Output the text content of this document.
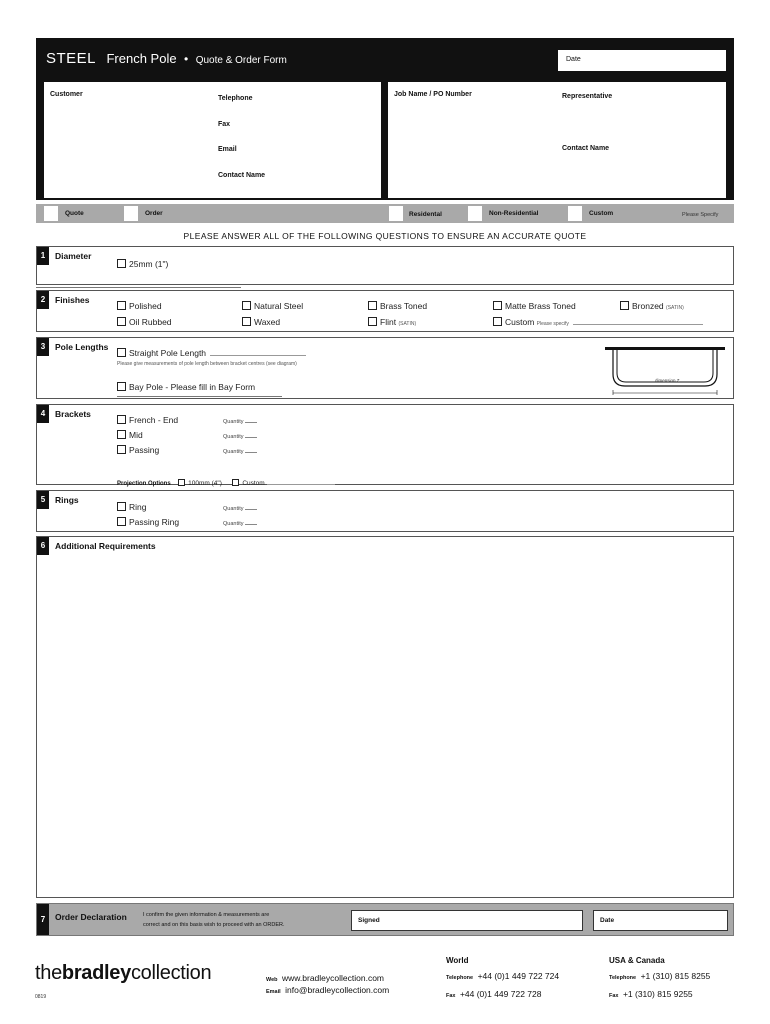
STEEL French Pole • Quote & Order Form	Date
Customer
Telephone
Fax
Email
Contact Name
Job Name / PO Number	Representative
Contact Name
Quote	Order	Residental	Non-Residential	Custom	Please Specify
PLEASE ANSWER ALL OF THE FOLLOWING QUESTIONS TO ENSURE AN ACCURATE QUOTE
1	Diameter
25mm (1")
2	Finishes
Polished	Natural Steel	Brass Toned	Matte Brass Toned	Bronzed (SATIN)
Oil Rubbed	Waxed	Flint (SATIN)	Custom Please specify
3	Pole Lengths
Straight Pole Length
Please give measurements of pole length between bracket centres (see diagram)
Bay Pole - Please fill in Bay Form
dimension Z
4	Brackets
French - End	Quantity
Mid	Quantity
Passing	Quantity
Projection Options	100mm (4")	Custom
5	Rings
Ring	Quantity
Passing Ring	Quantity
6	Additional Requirements
7	Order Declaration	I confirm the given information & measurements are
correct and on this basis wish to proceed with an ORDER.
Signed	Date
thebradleycollection
0819
Web www.bradleycollection.com
Email info@bradleycollection.com
World
Telephone +44 (0)1 449 722 724
Fax +44 (0)1 449 722 728
USA & Canada
Telephone +1 (310) 815 8255
Fax +1 (310) 815 9255
